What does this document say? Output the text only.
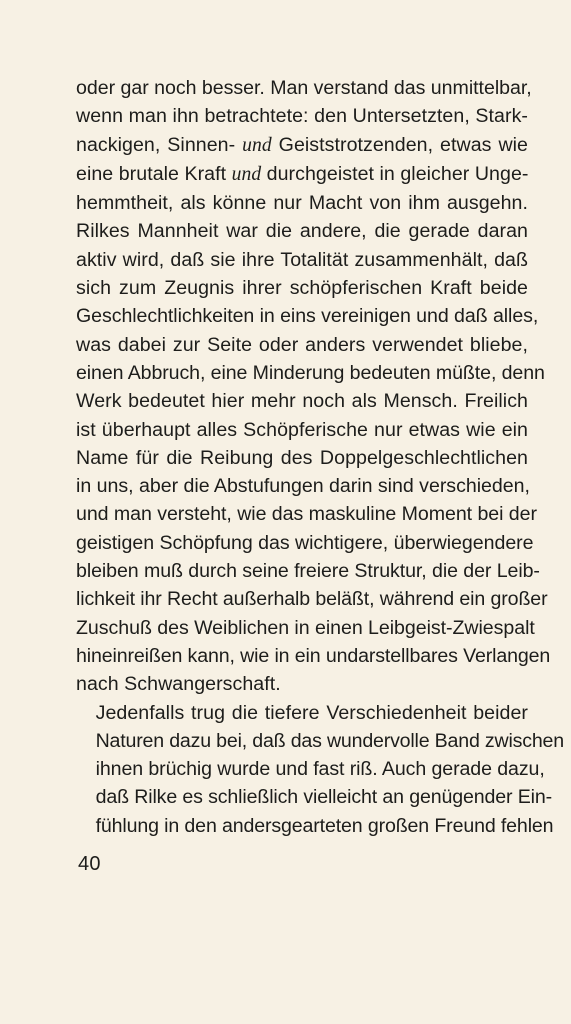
oder gar noch besser. Man verstand das unmittelbar,
wenn man ihn betrachtete: den Untersetzten, Stark-
nackigen, Sinnen- und Geiststrotzenden, etwas wie
eine brutale Kraft und durchgeistet in gleicher Unge-
hemmtheit, als könne nur Macht von ihm ausgehn.
Rilkes Mannheit war die andere, die gerade daran
aktiv wird, daß sie ihre Totalität zusammenhält, daß
sich zum Zeugnis ihrer schöpferischen Kraft beide
Geschlechtlichkeiten in eins vereinigen und daß alles,
was dabei zur Seite oder anders verwendet bliebe,
einen Abbruch, eine Minderung bedeuten müßte, denn
Werk bedeutet hier mehr noch als Mensch. Freilich
ist überhaupt alles Schöpferische nur etwas wie ein
Name für die Reibung des Doppelgeschlechtlichen
in uns, aber die Abstufungen darin sind verschieden,
und man versteht, wie das maskuline Moment bei der
geistigen Schöpfung das wichtigere, überwiegendere
bleiben muß durch seine freiere Struktur, die der Leib-
lichkeit ihr Recht außerhalb beläßt, während ein großer
Zuschuß des Weiblichen in einen Leibgeist-Zwiespalt
hineinreißen kann, wie in ein undarstellbares Verlangen
nach Schwangerschaft.

Jedenfalls trug die tiefere Verschiedenheit beider
Naturen dazu bei, daß das wundervolle Band zwischen
ihnen brüchig wurde und fast riß. Auch gerade dazu,
daß Rilke es schließlich vielleicht an genügender Ein-
fühlung in den andersgearteten großen Freund fehlen

40
